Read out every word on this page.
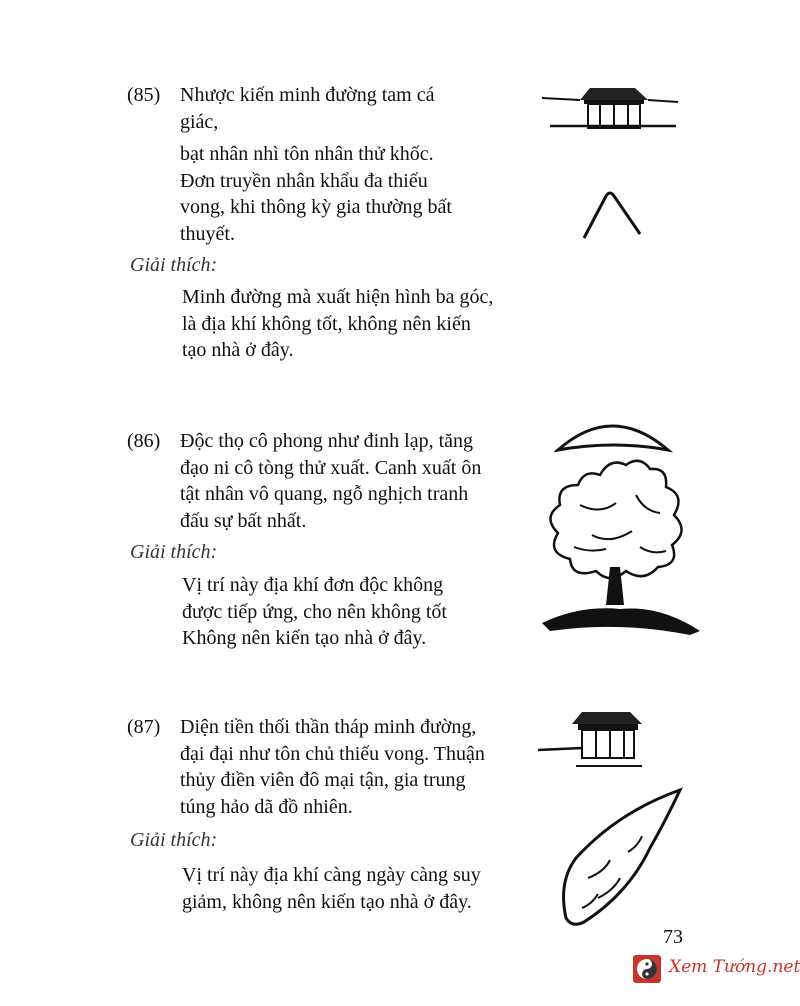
(85) Nhược kiến minh đường tam cá
giác,
bạt nhân nhì tôn nhân thử khốc.
Đơn truyền nhân khẩu đa thiếu
vong, khi thông kỳ gia thường bất
thuyết.
Giải thích:
Minh đường mà xuất hiện hình ba góc,
là địa khí không tốt, không nên kiến
tạo nhà ở đây.
(86) Độc thọ cô phong như đinh lạp, tăng
đạo ni cô tòng thử xuất. Canh xuất ôn
tật nhân vô quang, ngỗ nghịch tranh
đấu sự bất nhất.
Giải thích:
Vị trí này địa khí đơn độc không
được tiếp ứng, cho nên không tốt
Không nên kiến tạo nhà ở đây.
(87) Diện tiền thối thần tháp minh đường,
đại đại như tôn chủ thiếu vong. Thuận
thủy điền viên đô mại tận, gia trung
túng hảo dã đồ nhiên.
Giải thích:
Vị trí này địa khí càng ngày càng suy
giảm, không nên kiến tạo nhà ở đây.
73
Xem Tướng.net
